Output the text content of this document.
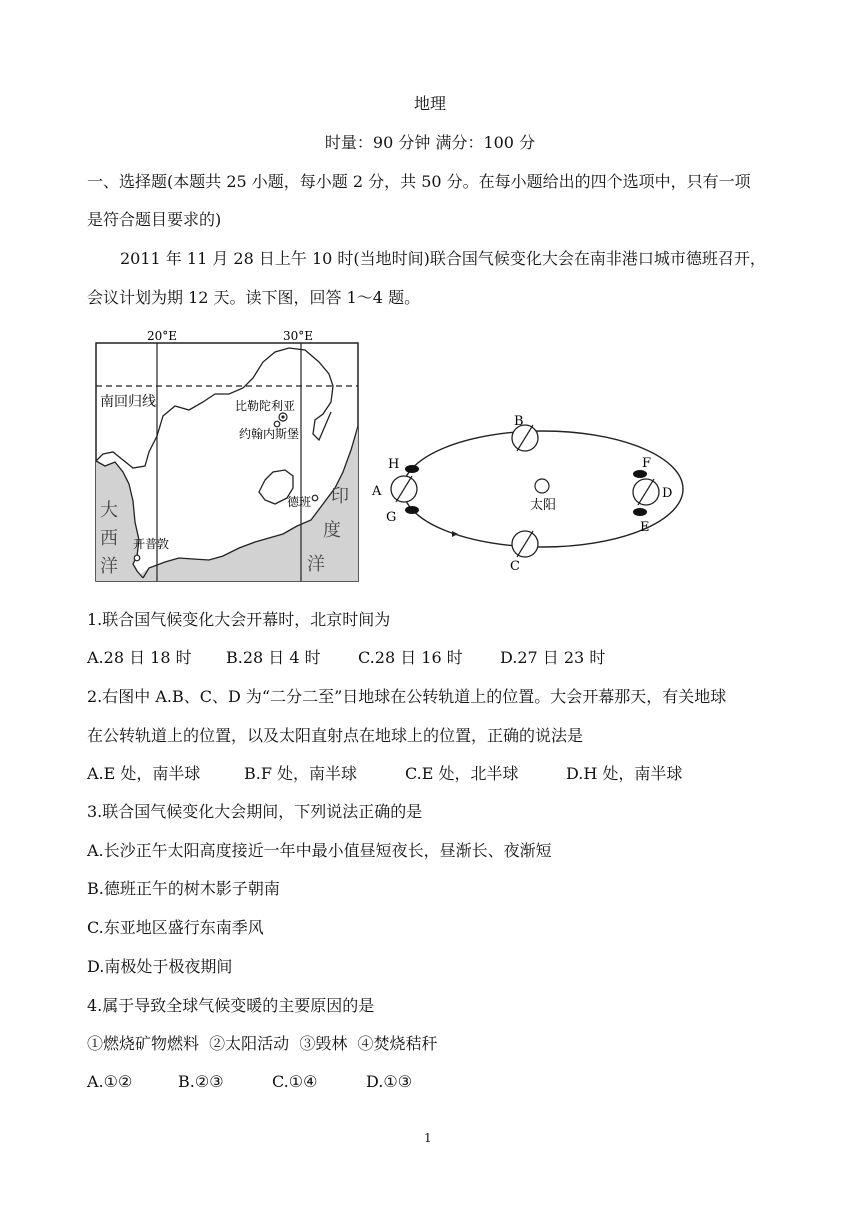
地理
时量：90 分钟 满分：100 分
一、选择题(本题共 25 小题，每小题 2 分，共 50 分。在每小题给出的四个选项中，只有一项
是符合题目要求的)
2011 年 11 月 28 日上午 10 时(当地时间)联合国气候变化大会在南非港口城市德班召开，
会议计划为期 12 天。读下图，回答 1～4 题。
20°E	30°E
南回归线	比勒陀利亚
约翰内斯堡
德班
开普敦
大
西
洋
印
度
洋
太阳
A
B
C
D
E
F
G
H
1.联合国气候变化大会开幕时，北京时间为
A.28 日 18 时 B.28 日 4 时 C.28 日 16 时 D.27 日 23 时
2.右图中 A.B、C、D 为“二分二至”日地球在公转轨道上的位置。大会开幕那天，有关地球
在公转轨道上的位置，以及太阳直射点在地球上的位置，正确的说法是
A.E 处，南半球	B.F 处，南半球	C.E 处，北半球	D.H 处，南半球
3.联合国气候变化大会期间，下列说法正确的是
A.长沙正午太阳高度接近一年中最小值昼短夜长，昼渐长、夜渐短
B.德班正午的树木影子朝南
C.东亚地区盛行东南季风
D.南极处于极夜期间
4.属于导致全球气候变暖的主要原因的是
①燃烧矿物燃料  ②太阳活动  ③毁林  ④焚烧秸秆
A.①②	B.②③	C.①④	D.①③
1
